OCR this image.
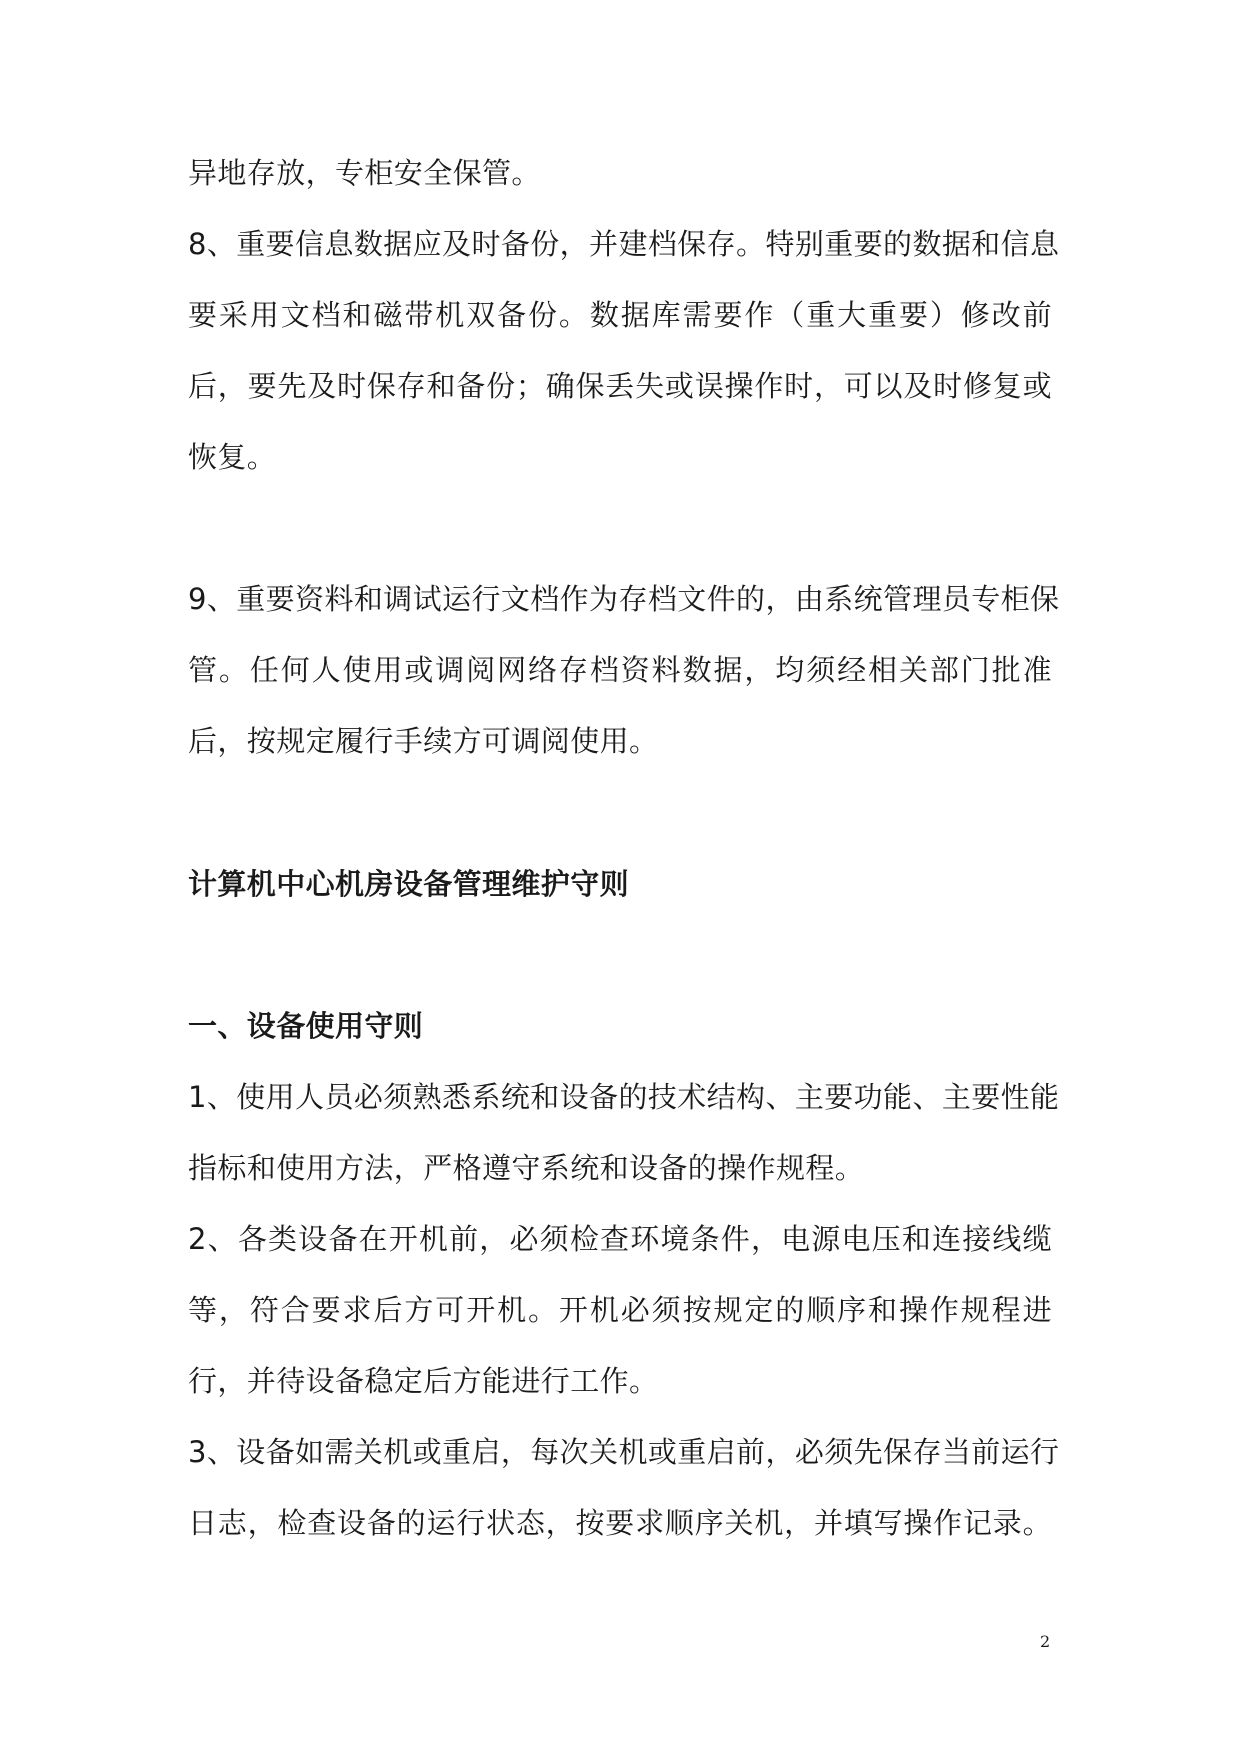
异地存放，专柜安全保管。
8、重要信息数据应及时备份，并建档保存。特别重要的数据和信息
要采用文档和磁带机双备份。数据库需要作（重大重要）修改前
后，要先及时保存和备份；确保丢失或误操作时，可以及时修复或
恢复。
9、重要资料和调试运行文档作为存档文件的，由系统管理员专柜保
管。任何人使用或调阅网络存档资料数据，均须经相关部门批准
后，按规定履行手续方可调阅使用。
计算机中心机房设备管理维护守则
一、设备使用守则
1、使用人员必须熟悉系统和设备的技术结构、主要功能、主要性能
指标和使用方法，严格遵守系统和设备的操作规程。
2、各类设备在开机前，必须检查环境条件，电源电压和连接线缆
等，符合要求后方可开机。开机必须按规定的顺序和操作规程进
行，并待设备稳定后方能进行工作。
3、设备如需关机或重启，每次关机或重启前，必须先保存当前运行
日志，检查设备的运行状态，按要求顺序关机，并填写操作记录。
2
